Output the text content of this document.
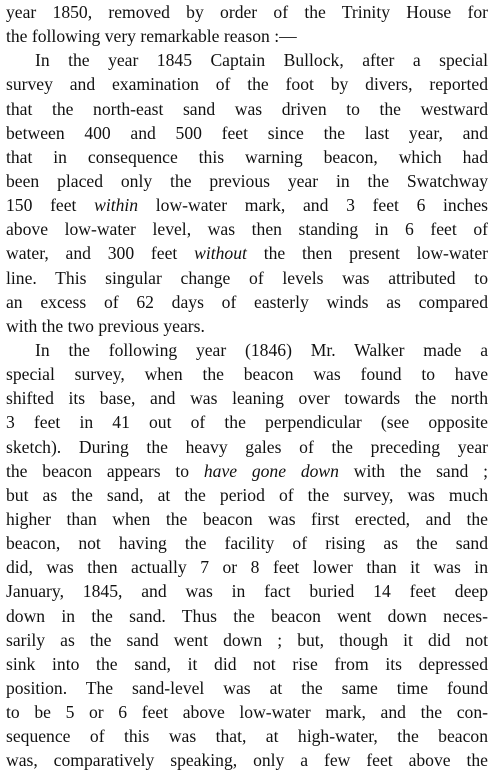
year 1850, removed by order of the Trinity House for
the following very remarkable reason :—
In the year 1845 Captain Bullock, after a special
survey and examination of the foot by divers, reported
that the north-east sand was driven to the westward
between 400 and 500 feet since the last year, and
that in consequence this warning beacon, which had
been placed only the previous year in the Swatchway
150 feet within low-water mark, and 3 feet 6 inches
above low-water level, was then standing in 6 feet of
water, and 300 feet without the then present low-water
line. This singular change of levels was attributed to
an excess of 62 days of easterly winds as compared
with the two previous years.
In the following year (1846) Mr. Walker made a
special survey, when the beacon was found to have
shifted its base, and was leaning over towards the north
3 feet in 41 out of the perpendicular (see opposite
sketch). During the heavy gales of the preceding year
the beacon appears to have gone down with the sand ;
but as the sand, at the period of the survey, was much
higher than when the beacon was first erected, and the
beacon, not having the facility of rising as the sand
did, was then actually 7 or 8 feet lower than it was in
January, 1845, and was in fact buried 14 feet deep
down in the sand. Thus the beacon went down neces-
sarily as the sand went down ; but, though it did not
sink into the sand, it did not rise from its depressed
position. The sand-level was at the same time found
to be 5 or 6 feet above low-water mark, and the con-
sequence of this was that, at high-water, the beacon
was, comparatively speaking, only a few feet above the
